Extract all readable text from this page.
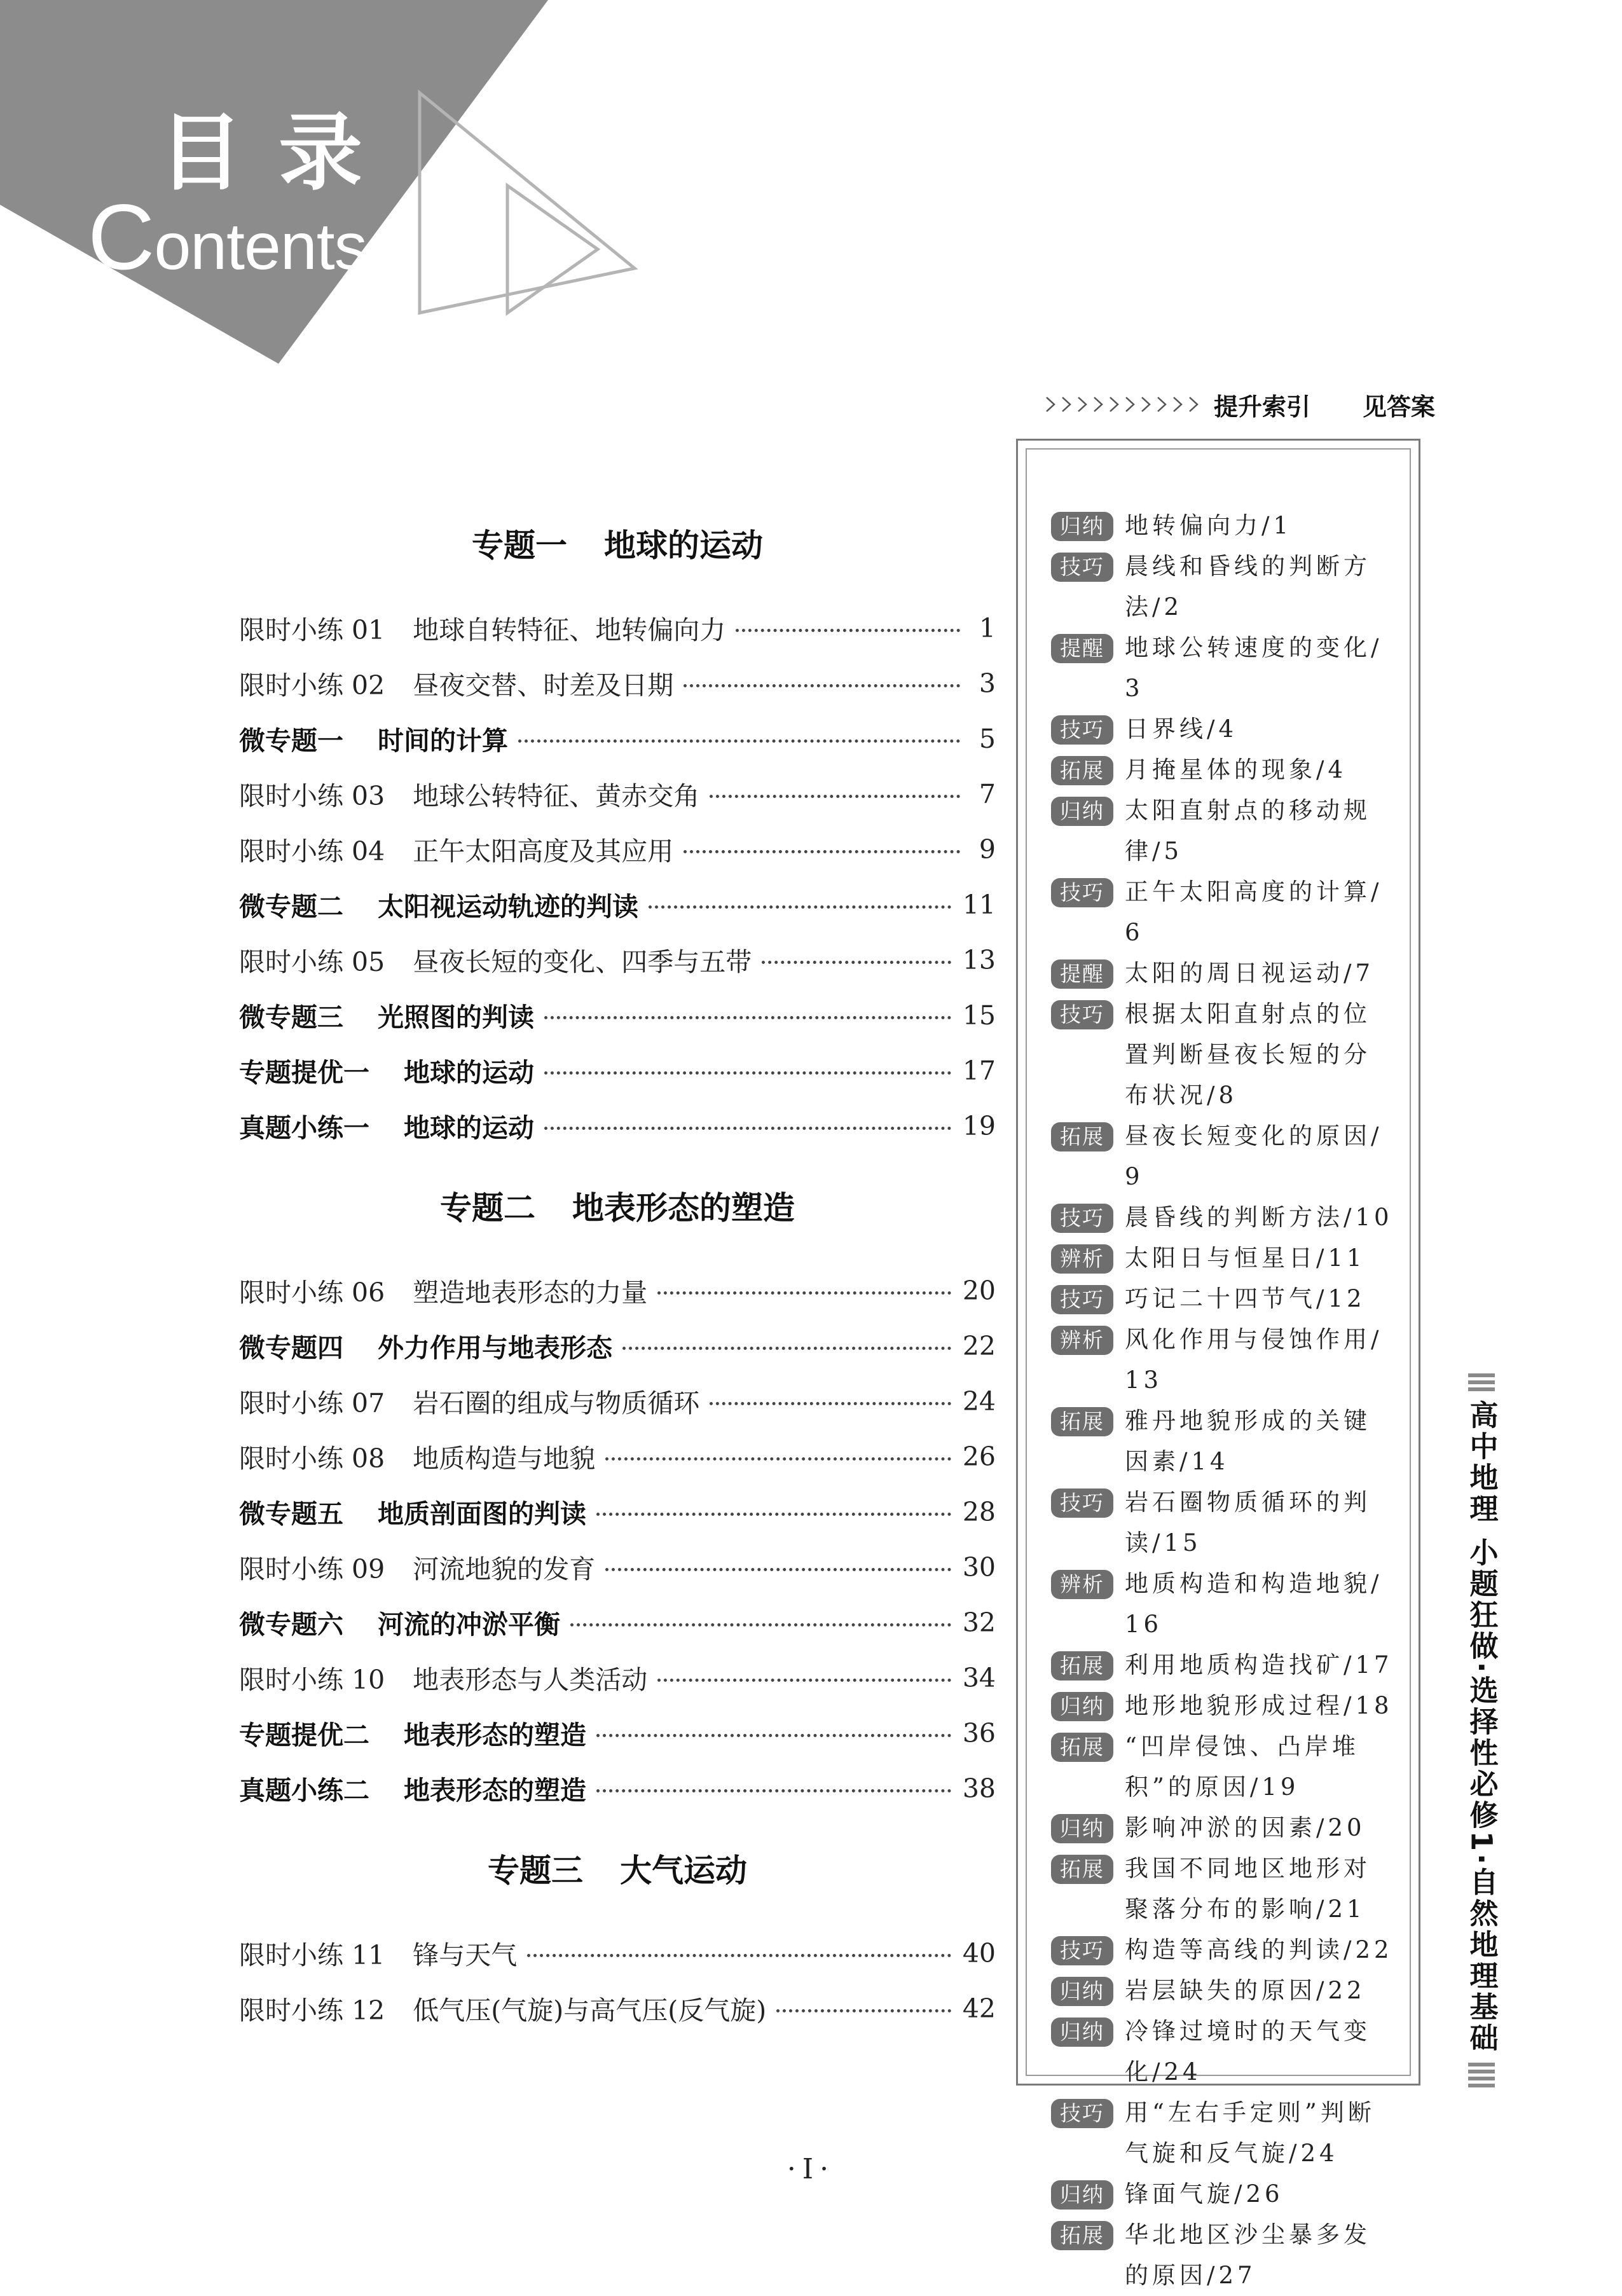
目录
Contents
提升索引 见答案
专题一 地球的运动
限时小练 01 地球自转特征、地转偏向力	1
限时小练 02 昼夜交替、时差及日期	3
微专题一 时间的计算	5
限时小练 03 地球公转特征、黄赤交角	7
限时小练 04 正午太阳高度及其应用	9
微专题二 太阳视运动轨迹的判读	11
限时小练 05 昼夜长短的变化、四季与五带	13
微专题三 光照图的判读	15
专题提优一 地球的运动	17
真题小练一 地球的运动	19
专题二 地表形态的塑造
限时小练 06 塑造地表形态的力量	20
微专题四 外力作用与地表形态	22
限时小练 07 岩石圈的组成与物质循环	24
限时小练 08 地质构造与地貌	26
微专题五 地质剖面图的判读	28
限时小练 09 河流地貌的发育	30
微专题六 河流的冲淤平衡	32
限时小练 10 地表形态与人类活动	34
专题提优二 地表形态的塑造	36
真题小练二 地表形态的塑造	38
专题三 大气运动
限时小练 11 锋与天气	40
限时小练 12 低气压(气旋)与高气压(反气旋)	42
归纳 地转偏向力/1
技巧 晨线和昏线的判断方法/2
提醒 地球公转速度的变化/3
技巧 日界线/4
拓展 月掩星体的现象/4
归纳 太阳直射点的移动规律/5
技巧 正午太阳高度的计算/6
提醒 太阳的周日视运动/7
技巧 根据太阳直射点的位置判断昼夜长短的分布状况/8
拓展 昼夜长短变化的原因/9
技巧 晨昏线的判断方法/10
辨析 太阳日与恒星日/11
技巧 巧记二十四节气/12
辨析 风化作用与侵蚀作用/13
拓展 雅丹地貌形成的关键因素/14
技巧 岩石圈物质循环的判读/15
辨析 地质构造和构造地貌/16
拓展 利用地质构造找矿/17
归纳 地形地貌形成过程/18
拓展 “凹岸侵蚀、凸岸堆积”的原因/19
归纳 影响冲淤的因素/20
拓展 我国不同地区地形对聚落分布的影响/21
技巧 构造等高线的判读/22
归纳 岩层缺失的原因/22
归纳 冷锋过境时的天气变化/24
技巧 用“左右手定则”判断气旋和反气旋/24
归纳 锋面气旋/26
拓展 华北地区沙尘暴多发的原因/27
高中地理 小题狂做·选择性必修1·自然地理基础
·I·
